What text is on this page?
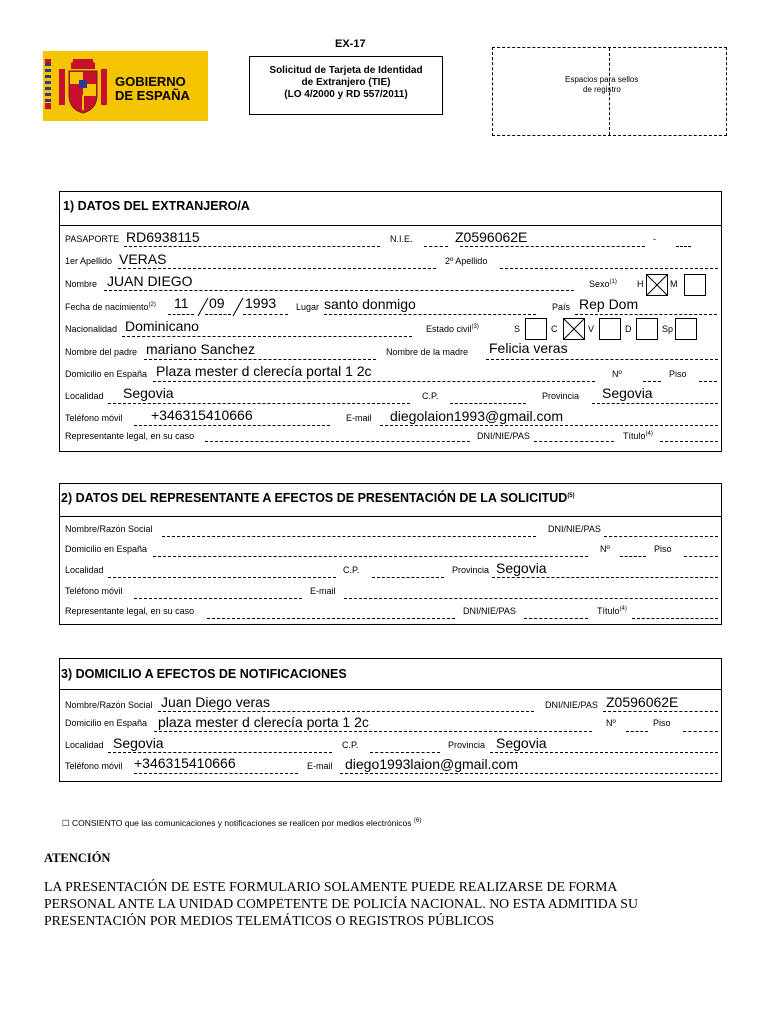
GOBIERNO
DE ESPAÑA
EX-17
Solicitud de Tarjeta de Identidad
de Extranjero (TIE)
(LO 4/2000 y RD 557/2011)
Espacios para sellos
de registro
1) DATOS DEL EXTRANJERO/A
PASAPORTE RD6938115	N.I.E.	Z0596062E	-
1er Apellido VERAS	2º Apellido
Nombre JUAN DIEGO	Sexo$^{(1)}$ H	M
Fecha de nacimiento$^{(2)}$ 11 09 1993 Lugar santo donmigo	País Rep Dom
Nacionalidad Dominicano	Estado civil$^{(3)}$	S	C	V	D	Sp
Nombre del padre mariano Sanchez	Nombre de la madre Felicia veras
Domicilio en España Plaza mester d clerecía portal 1 2c	Nº	Piso
Localidad Segovia	C.P.	Provincia Segovia
Teléfono móvil +346315410666	E-mail diegolaion1993@gmail.com
Representante legal, en su caso	DNI/NIE/PAS	Título$^{(4)}$
2) DATOS DEL REPRESENTANTE A EFECTOS DE PRESENTACIÓN DE LA SOLICITUD$^{(5)}$
Nombre/Razón Social	DNI/NIE/PAS
Domicilio en España	Nº	Piso
Localidad	C.P.	Provincia Segovia
Teléfono móvil	E-mail
Representante legal, en su caso	DNI/NIE/PAS	Título$^{(4)}$
3) DOMICILIO A EFECTOS DE NOTIFICACIONES
Nombre/Razón Social Juan Diego veras	DNI/NIE/PAS Z0596062E
Domicilio en España plaza mester d clerecía porta 1 2c	Nº	Piso
Localidad Segovia	C.P.	Provincia Segovia
Teléfono móvil +346315410666	E-mail diego1993laion@gmail.com
☐ CONSIENTO que las comunicaciones y notificaciones se realicen por medios electrónicos $^{(6)}$
ATENCIÓN
LA PRESENTACIÓN DE ESTE FORMULARIO SOLAMENTE PUEDE REALIZARSE DE FORMA
PERSONAL ANTE LA UNIDAD COMPETENTE DE POLICÍA NACIONAL. NO ESTA ADMITIDA SU
PRESENTACIÓN POR MEDIOS TELEMÁTICOS O REGISTROS PÚBLICOS
